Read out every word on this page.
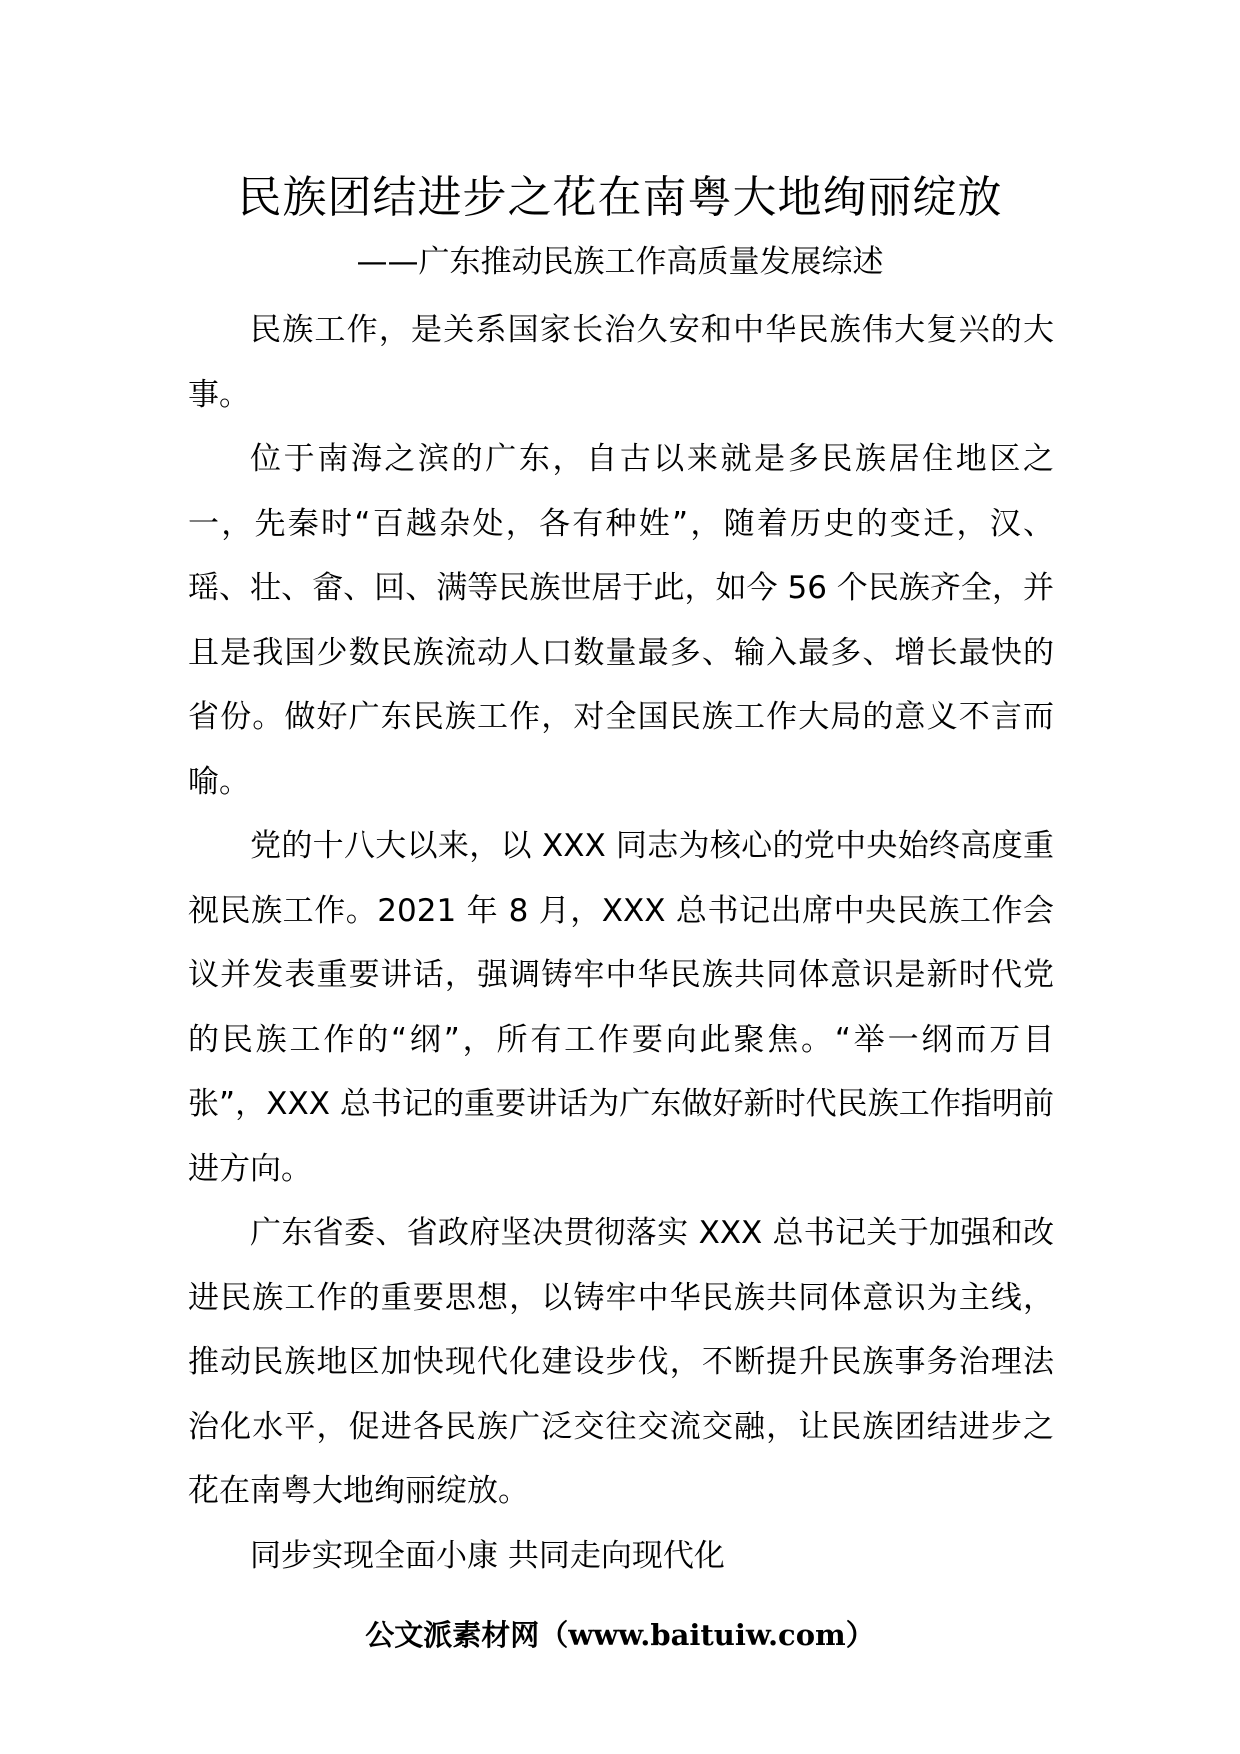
民族团结进步之花在南粤大地绚丽绽放
——广东推动民族工作高质量发展综述

民族工作，是关系国家长治久安和中华民族伟大复兴的大事。

位于南海之滨的广东，自古以来就是多民族居住地区之一，先秦时“百越杂处，各有种姓”，随着历史的变迁，汉、瑶、壮、畲、回、满等民族世居于此，如今 56 个民族齐全，并且是我国少数民族流动人口数量最多、输入最多、增长最快的省份。做好广东民族工作，对全国民族工作大局的意义不言而喻。

党的十八大以来，以 XXX 同志为核心的党中央始终高度重视民族工作。2021 年 8 月，XXX 总书记出席中央民族工作会议并发表重要讲话，强调铸牢中华民族共同体意识是新时代党的民族工作的“纲”，所有工作要向此聚焦。“举一纲而万目张”，XXX 总书记的重要讲话为广东做好新时代民族工作指明前进方向。

广东省委、省政府坚决贯彻落实 XXX 总书记关于加强和改进民族工作的重要思想，以铸牢中华民族共同体意识为主线，推动民族地区加快现代化建设步伐，不断提升民族事务治理法治化水平，促进各民族广泛交往交流交融，让民族团结进步之花在南粤大地绚丽绽放。

同步实现全面小康 共同走向现代化

公文派素材网（www.baituiw.com）
